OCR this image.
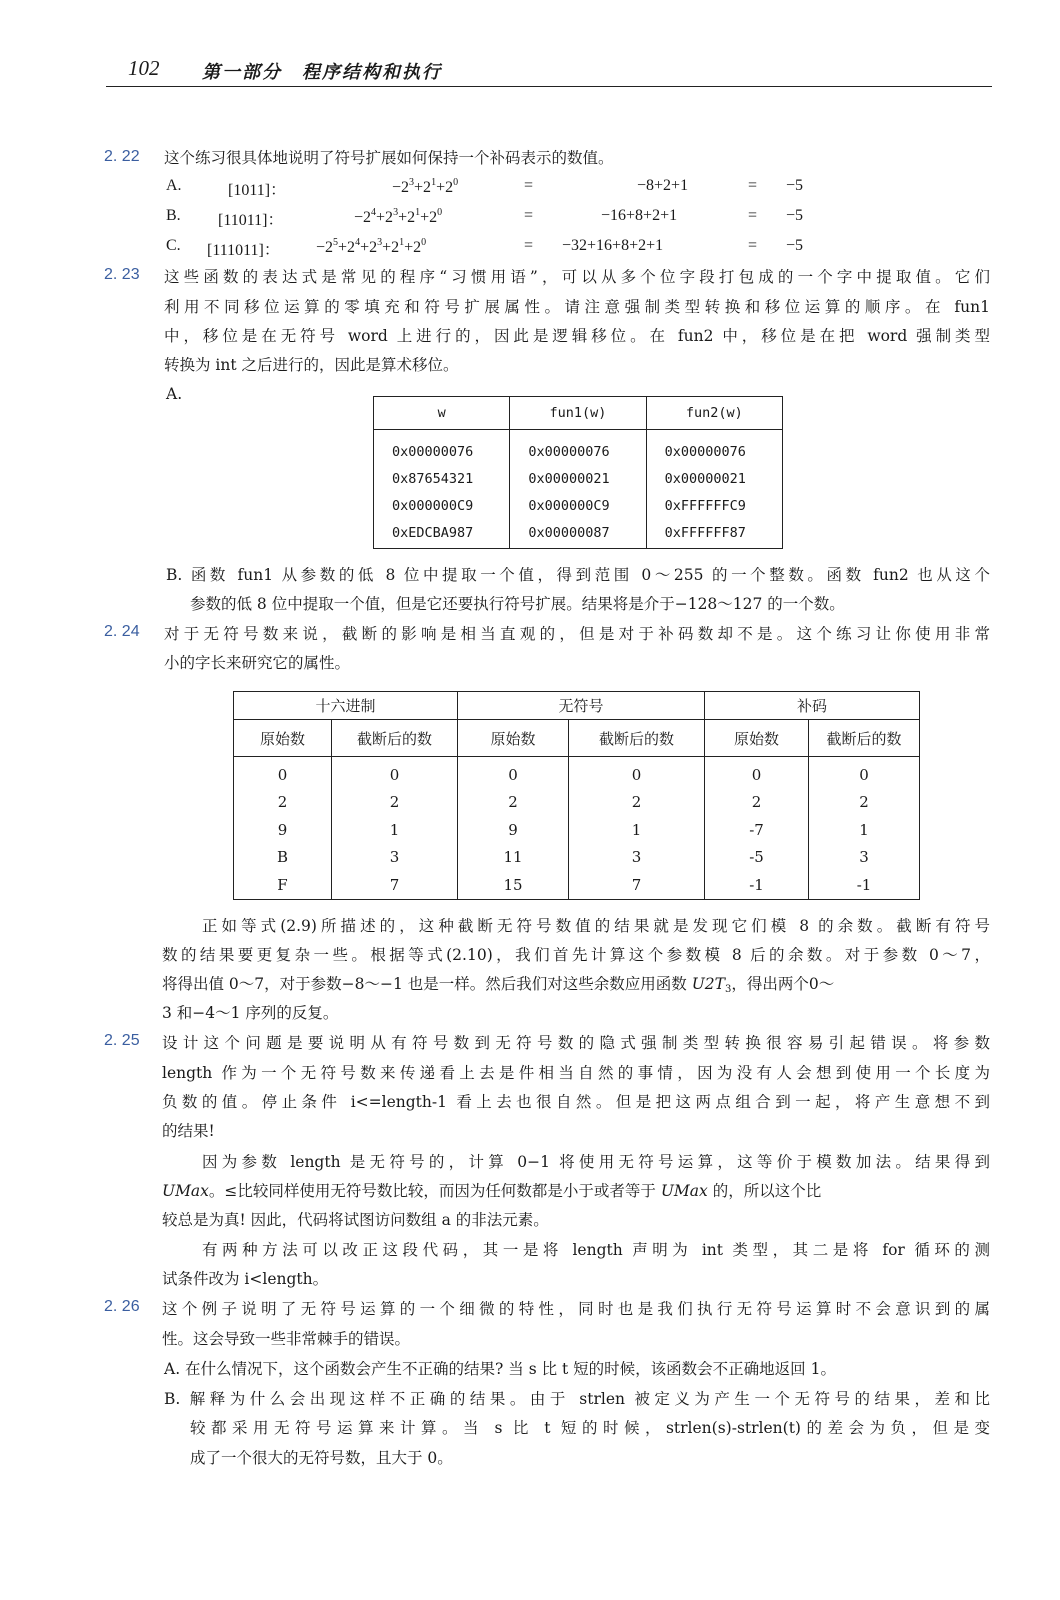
102 第一部分　程序结构和执行
2. 22 这个练习很具体地说明了符号扩展如何保持一个补码表示的数值。
A.	[1011]：	$-2^3+2^1+2^0$	=	−8+2+1	= −5
B. [11011]：	$-2^4+2^3+2^1+2^0$	=	−16+8+2+1	= −5
C. [111011]： $-2^5+2^4+2^3+2^1+2^0$	= −32+16+8+2+1	= −5
2. 23 这些函数的表达式是常见的程序“习惯用语”，可以从多个位字段打包成的一个字中提取值。它们
利用不同移位运算的零填充和符号扩展属性。请注意强制类型转换和移位运算的顺序。在 fun1
中，移位是在无符号 word 上进行的，因此是逻辑移位。在 fun2 中，移位是在把 word 强制类型
转换为 int 之后进行的，因此是算术移位。
A.
w	fun1(w)	fun2(w)
0x00000076	0x00000076	0x00000076
0x87654321	0x00000021	0x00000021
0x000000C9	0x000000C9	0xFFFFFFC9
0xEDCBA987	0x00000087	0xFFFFFF87
B. 函数 fun1 从参数的低 8 位中提取一个值，得到范围 0～255 的一个整数。函数 fun2 也从这个
参数的低 8 位中提取一个值，但是它还要执行符号扩展。结果将是介于−128～127 的一个数。
2. 24 对于无符号数来说，截断的影响是相当直观的，但是对于补码数却不是。这个练习让你使用非常
小的字长来研究它的属性。
十六进制		无符号		补码	
原始数	截断后的数	原始数	截断后的数	原始数	截断后的数
0	0	0	0	0	0
2	2	2	2	2	2
9	1	9	1	-7	1
B	3	11	3	-5	3
F	7	15	7	-1	-1
正如等式(2.9)所描述的，这种截断无符号数值的结果就是发现它们模 8 的余数。截断有符号
数的结果要更复杂一些。根据等式(2.10)，我们首先计算这个参数模 8 后的余数。对于参数 0～7，
将得出值 0～7，对于参数−8～−1 也是一样。然后我们对这些余数应用函数 $U2T_3$，得出两个0～
3 和−4～1 序列的反复。
2. 25 设计这个问题是要说明从有符号数到无符号数的隐式强制类型转换很容易引起错误。将参数
length 作为一个无符号数来传递看上去是件相当自然的事情，因为没有人会想到使用一个长度为
负数的值。停止条件 i<=length-1 看上去也很自然。但是把这两点组合到一起，将产生意想不到
的结果!
因为参数 length 是无符号的，计算 0−1 将使用无符号运算，这等价于模数加法。结果得到
UMax。≤比较同样使用无符号数比较，而因为任何数都是小于或者等于 UMax 的，所以这个比
较总是为真! 因此，代码将试图访问数组 a 的非法元素。
有两种方法可以改正这段代码，其一是将 length 声明为 int 类型，其二是将 for 循环的测
试条件改为 i<length。
2. 26 这个例子说明了无符号运算的一个细微的特性，同时也是我们执行无符号运算时不会意识到的属
性。这会导致一些非常棘手的错误。
A. 在什么情况下，这个函数会产生不正确的结果? 当 s 比 t 短的时候，该函数会不正确地返回 1。
B. 解释为什么会出现这样不正确的结果。由于 strlen 被定义为产生一个无符号的结果，差和比
较都采用无符号运算来计算。当 s 比 t 短的时候，strlen(s)-strlen(t)的差会为负，但是变
成了一个很大的无符号数，且大于 0。
